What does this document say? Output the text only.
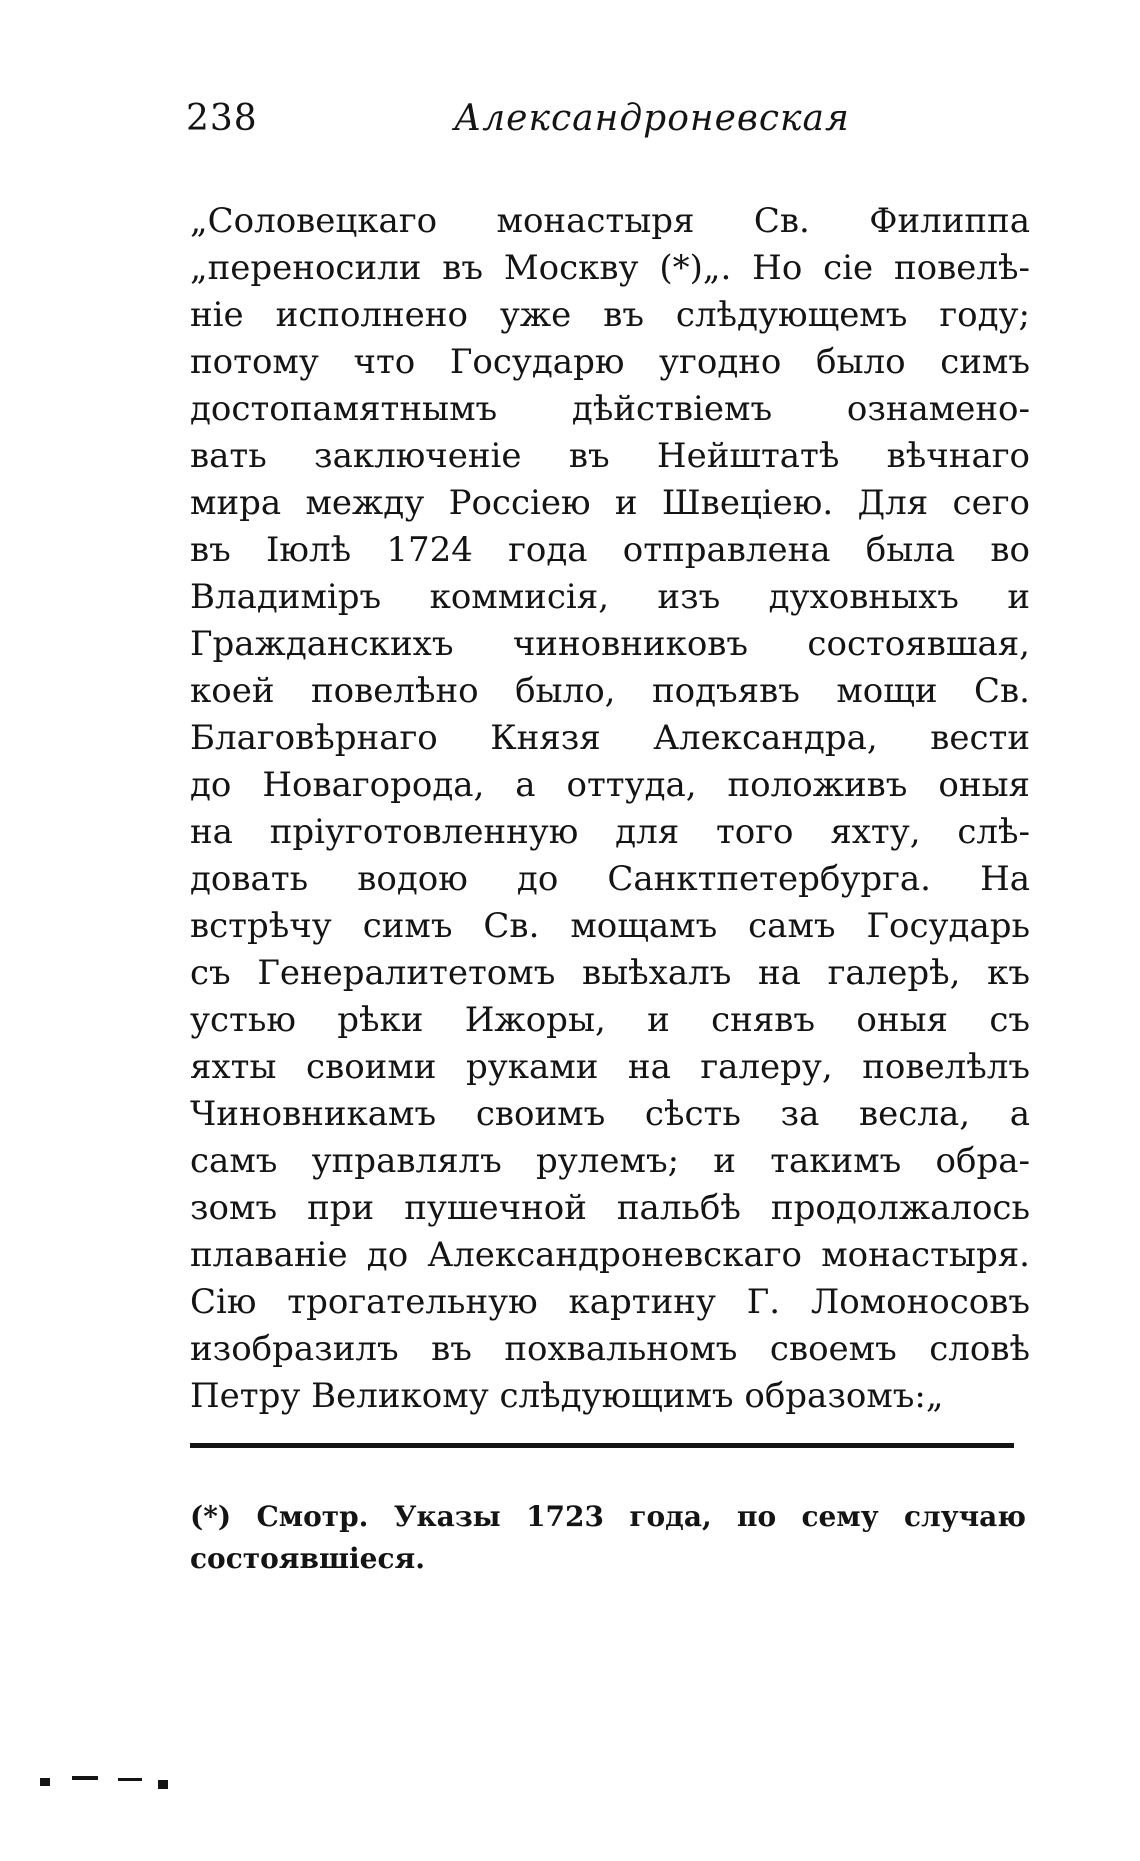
238	Александроневская
„Соловецкаго монастыря Св. Филиппа
„переносили въ Москву (*)„. Но сіе повелѣ-
ніе исполнено уже въ слѣдующемъ году;
потому что Государю угодно было симъ
достопамятнымъ дѣйствіемъ ознамено-
вать заключеніе въ Нейштатѣ вѣчнаго
мира между Россіею и Швеціею. Для сего
въ Іюлѣ 1724 года отправлена была во
Владиміръ коммисія, изъ духовныхъ и
Гражданскихъ чиновниковъ состоявшая,
коей повелѣно было, подъявъ мощи Св.
Благовѣрнаго Князя Александра, вести
до Новагорода, а оттуда, положивъ оныя
на пріуготовленную для того яхту, слѣ-
довать водою до Санктпетербурга. На
встрѣчу симъ Св. мощамъ самъ Государь
съ Генералитетомъ выѣхалъ на галерѣ, къ
устью рѣки Ижоры, и снявъ оныя съ
яхты своими руками на галеру, повелѣлъ
Чиновникамъ своимъ сѣсть за весла, а
самъ управлялъ рулемъ; и такимъ обра-
зомъ при пушечной пальбѣ продолжалось
плаваніе до Александроневскаго монастыря.
Сію трогательную картину Г. Ломоносовъ
изобразилъ въ похвальномъ своемъ словѣ
Петру Великому слѣдующимъ образомъ:„
(*) Смотр. Указы 1723 года, по сему случаю
состоявшіеся.
